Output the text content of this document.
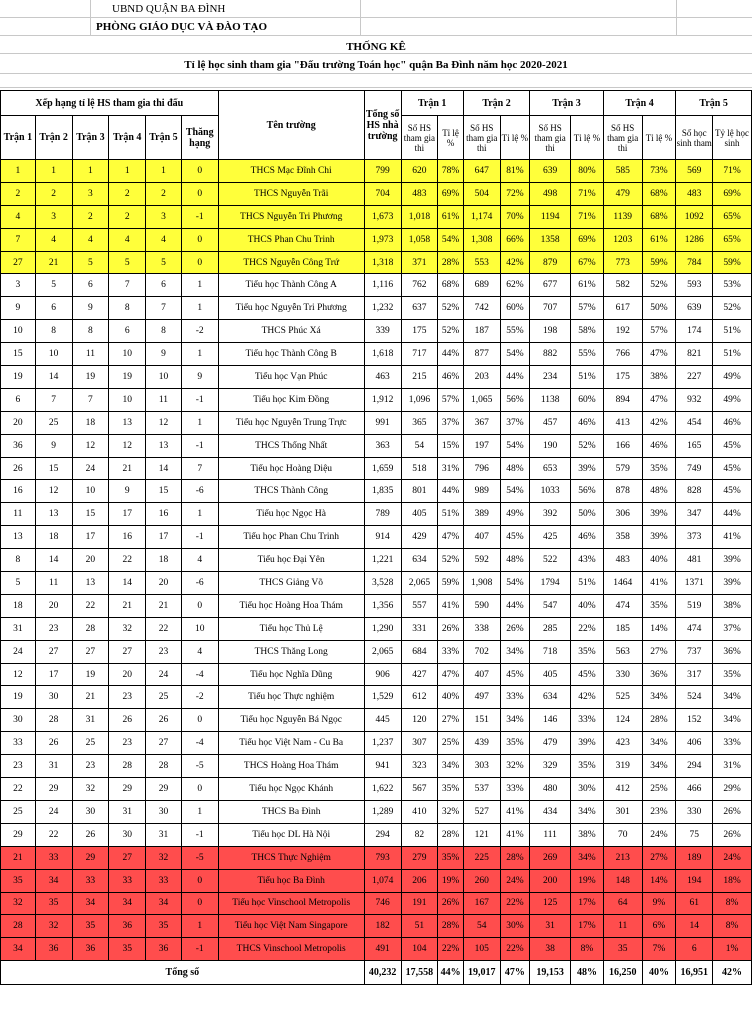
UBND QUẬN BA ĐÌNH
PHÒNG GIÁO DỤC VÀ ĐÀO TẠO
THỐNG KÊ
Tỉ lệ học sinh tham gia "Đấu trường Toán học" quận Ba Đình năm học 2020-2021
Xếp hạng tỉ lệ HS tham gia thi đấu						Tên trường	Tổng số HS nhà trường	Trận 1		Trận 2		Trận 3		Trận 4		Trận 5	
Trận 1	Trận 2	Trận 3	Trận 4	Trận 5	Thăng hạng			Số HS tham gia thi	Tỉ lệ %	Số HS tham gia thi	Tỉ lệ %	Số HS tham gia thi	Tỉ lệ %	Số HS tham gia thi	Tỉ lệ %	Số học sinh tham	Tỷ lệ học sinh
1	1	1	1	1	0	THCS Mạc Đĩnh Chi	799	620	78%	647	81%	639	80%	585	73%	569	71%
2	2	3	2	2	0	THCS Nguyễn Trãi	704	483	69%	504	72%	498	71%	479	68%	483	69%
4	3	2	2	3	-1	THCS Nguyễn Tri Phương	1,673	1,018	61%	1,174	70%	1194	71%	1139	68%	1092	65%
7	4	4	4	4	0	THCS Phan Chu Trinh	1,973	1,058	54%	1,308	66%	1358	69%	1203	61%	1286	65%
27	21	5	5	5	0	THCS Nguyễn Công Trứ	1,318	371	28%	553	42%	879	67%	773	59%	784	59%
3	5	6	7	6	1	Tiểu học Thành Công A	1,116	762	68%	689	62%	677	61%	582	52%	593	53%
9	6	9	8	7	1	Tiểu học Nguyễn Tri Phương	1,232	637	52%	742	60%	707	57%	617	50%	639	52%
10	8	8	6	8	-2	THCS Phúc Xá	339	175	52%	187	55%	198	58%	192	57%	174	51%
15	10	11	10	9	1	Tiểu học Thành Công B	1,618	717	44%	877	54%	882	55%	766	47%	821	51%
19	14	19	19	10	9	Tiểu học Vạn Phúc	463	215	46%	203	44%	234	51%	175	38%	227	49%
6	7	7	10	11	-1	Tiểu học Kim Đồng	1,912	1,096	57%	1,065	56%	1138	60%	894	47%	932	49%
20	25	18	13	12	1	Tiểu học Nguyễn Trung Trực	991	365	37%	367	37%	457	46%	413	42%	454	46%
36	9	12	12	13	-1	THCS Thống Nhất	363	54	15%	197	54%	190	52%	166	46%	165	45%
26	15	24	21	14	7	Tiểu học Hoàng Diệu	1,659	518	31%	796	48%	653	39%	579	35%	749	45%
16	12	10	9	15	-6	THCS Thành Công	1,835	801	44%	989	54%	1033	56%	878	48%	828	45%
11	13	15	17	16	1	Tiểu học Ngọc Hà	789	405	51%	389	49%	392	50%	306	39%	347	44%
13	18	17	16	17	-1	Tiểu học Phan Chu Trinh	914	429	47%	407	45%	425	46%	358	39%	373	41%
8	14	20	22	18	4	Tiểu học Đại Yên	1,221	634	52%	592	48%	522	43%	483	40%	481	39%
5	11	13	14	20	-6	THCS Giảng Võ	3,528	2,065	59%	1,908	54%	1794	51%	1464	41%	1371	39%
18	20	22	21	21	0	Tiểu học Hoàng Hoa Thám	1,356	557	41%	590	44%	547	40%	474	35%	519	38%
31	23	28	32	22	10	Tiểu học Thủ Lệ	1,290	331	26%	338	26%	285	22%	185	14%	474	37%
24	27	27	27	23	4	THCS Thăng Long	2,065	684	33%	702	34%	718	35%	563	27%	737	36%
12	17	19	20	24	-4	Tiểu học Nghĩa Dũng	906	427	47%	407	45%	405	45%	330	36%	317	35%
19	30	21	23	25	-2	Tiểu học Thực nghiệm	1,529	612	40%	497	33%	634	42%	525	34%	524	34%
30	28	31	26	26	0	Tiểu học Nguyễn Bá Ngọc	445	120	27%	151	34%	146	33%	124	28%	152	34%
33	26	25	23	27	-4	Tiểu học Việt Nam - Cu Ba	1,237	307	25%	439	35%	479	39%	423	34%	406	33%
23	31	23	28	28	-5	THCS Hoàng Hoa Thám	941	323	34%	303	32%	329	35%	319	34%	294	31%
22	29	32	29	29	0	Tiểu học Ngọc Khánh	1,622	567	35%	537	33%	480	30%	412	25%	466	29%
25	24	30	31	30	1	THCS Ba Đình	1,289	410	32%	527	41%	434	34%	301	23%	330	26%
29	22	26	30	31	-1	Tiểu học DL Hà Nội	294	82	28%	121	41%	111	38%	70	24%	75	26%
21	33	29	27	32	-5	THCS Thực Nghiệm	793	279	35%	225	28%	269	34%	213	27%	189	24%
35	34	33	33	33	0	Tiểu học Ba Đình	1,074	206	19%	260	24%	200	19%	148	14%	194	18%
32	35	34	34	34	0	Tiểu học Vinschool Metropolis	746	191	26%	167	22%	125	17%	64	9%	61	8%
28	32	35	36	35	1	Tiểu học Việt Nam Singapore	182	51	28%	54	30%	31	17%	11	6%	14	8%
34	36	36	35	36	-1	THCS Vinschool Metropolis	491	104	22%	105	22%	38	8%	35	7%	6	1%
Tổng số							40,232	17,558	44%	19,017	47%	19,153	48%	16,250	40%	16,951	42%
